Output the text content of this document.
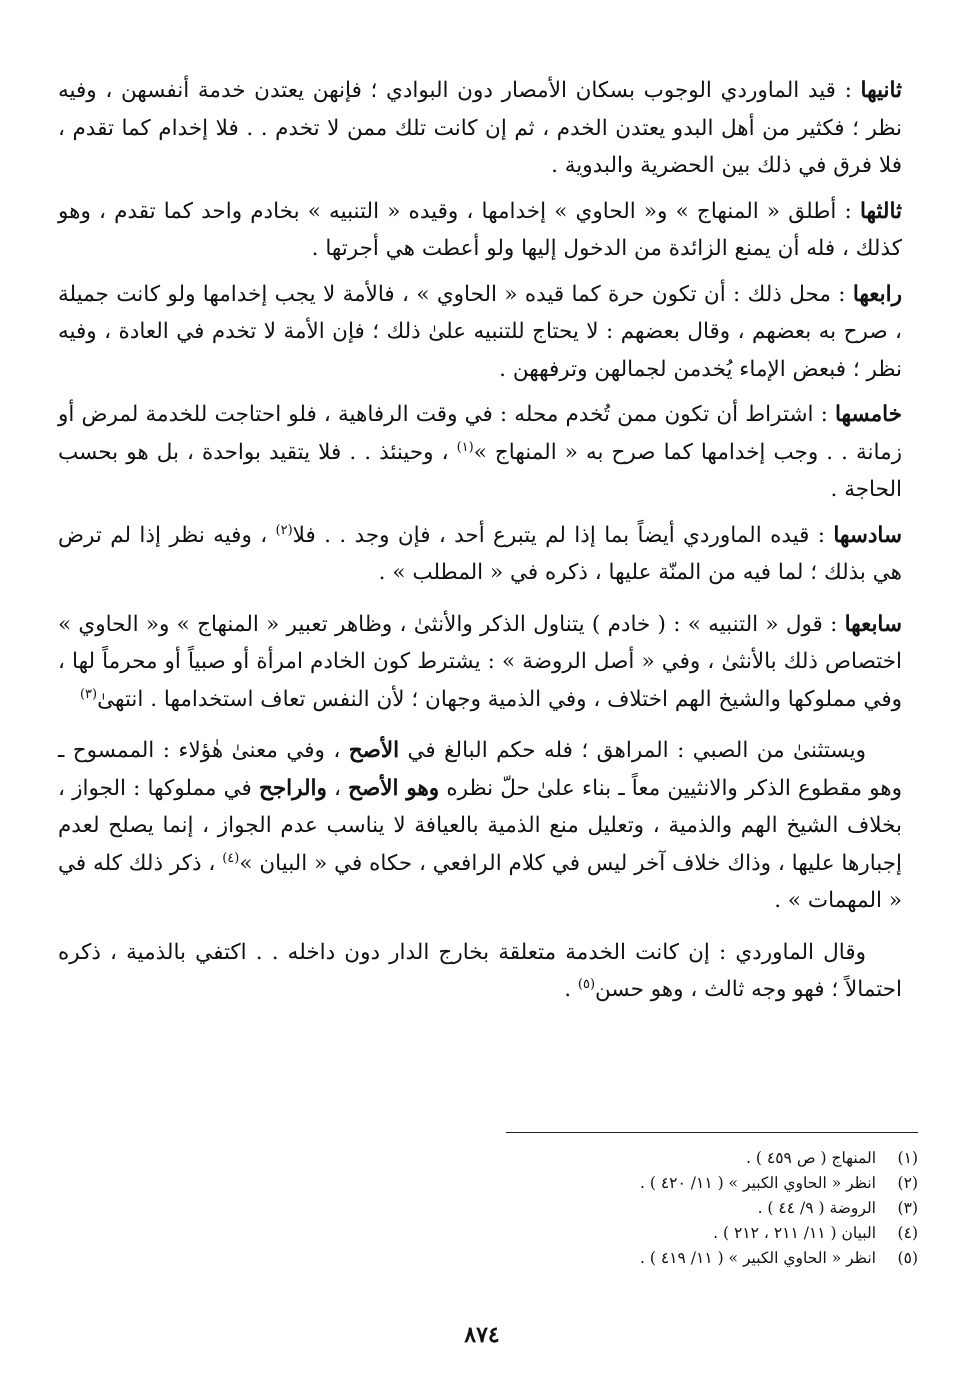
ثانيها : قيد الماوردي الوجوب بسكان الأمصار دون البوادي ؛ فإنهن يعتدن خدمة أنفسهن ، وفيه نظر ؛ فكثير من أهل البدو يعتدن الخدم ، ثم إن كانت تلك ممن لا تخدم . . فلا إخدام كما تقدم ، فلا فرق في ذلك بين الحضرية والبدوية .

ثالثها : أطلق « المنهاج » و« الحاوي » إخدامها ، وقيده « التنبيه » بخادم واحد كما تقدم ، وهو كذلك ، فله أن يمنع الزائدة من الدخول إليها ولو أعطت هي أجرتها .

رابعها : محل ذلك : أن تكون حرة كما قيده « الحاوي » ، فالأمة لا يجب إخدامها ولو كانت جميلة ، صرح به بعضهم ، وقال بعضهم : لا يحتاج للتنبيه علىٰ ذلك ؛ فإن الأمة لا تخدم في العادة ، وفيه نظر ؛ فبعض الإماء يُخدمن لجمالهن وترفههن .

خامسها : اشتراط أن تكون ممن تُخدم محله : في وقت الرفاهية ، فلو احتاجت للخدمة لمرض أو زمانة . . وجب إخدامها كما صرح به « المنهاج »$^{(١)}$ ، وحينئذ . . فلا يتقيد بواحدة ، بل هو بحسب الحاجة .

سادسها : قيده الماوردي أيضاً بما إذا لم يتبرع أحد ، فإن وجد . . فلا$^{(٢)}$ ، وفيه نظر إذا لم ترض هي بذلك ؛ لما فيه من المنّة عليها ، ذكره في « المطلب » .

سابعها : قول « التنبيه » : ( خادم ) يتناول الذكر والأنثىٰ ، وظاهر تعبير « المنهاج » و« الحاوي » اختصاص ذلك بالأنثىٰ ، وفي « أصل الروضة » : يشترط كون الخادم امرأة أو صبياً أو محرماً لها ، وفي مملوكها والشيخ الهم اختلاف ، وفي الذمية وجهان ؛ لأن النفس تعاف استخدامها . انتهىٰ$^{(٣)}$

ويستثنىٰ من الصبي : المراهق ؛ فله حكم البالغ في الأصح ، وفي معنىٰ هٰؤلاء : الممسوح ـ وهو مقطوع الذكر والانثيين معاً ـ بناء علىٰ حلّ نظره وهو الأصح ، والراجح في مملوكها : الجواز ، بخلاف الشيخ الهم والذمية ، وتعليل منع الذمية بالعيافة لا يناسب عدم الجواز ، إنما يصلح لعدم إجبارها عليها ، وذاك خلاف آخر ليس في كلام الرافعي ، حكاه في « البيان »$^{(٤)}$ ، ذكر ذلك كله في « المهمات » .

وقال الماوردي : إن كانت الخدمة متعلقة بخارج الدار دون داخله . . اكتفي بالذمية ، ذكره احتمالاً ؛ فهو وجه ثالث ، وهو حسن$^{(٥)}$ .

(١)
المنهاج ( ص ٤٥٩ ) .
(٢)
انظر « الحاوي الكبير » ( ١١/ ٤٢٠ ) .
(٣)
الروضة ( ٩/ ٤٤ ) .
(٤)
البيان ( ١١/ ٢١١ ، ٢١٢ ) .
(٥)
انظر « الحاوي الكبير » ( ١١/ ٤١٩ ) .
٨٧٤
